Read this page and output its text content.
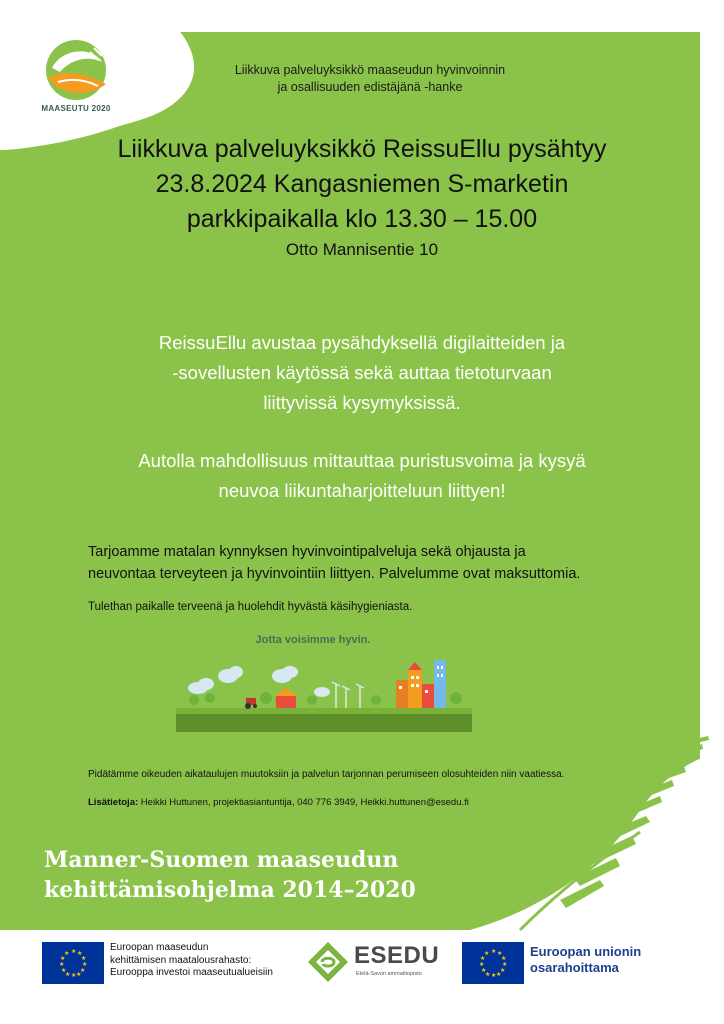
MAASEUTU 2020
Liikkuva palveluyksikkö maaseudun hyvinvoinnin
ja osallisuuden edistäjänä -hanke
Liikkuva palveluyksikkö ReissuEllu pysähtyy
23.8.2024 Kangasniemen S-marketin
parkkipaikalla klo 13.30 – 15.00
Otto Mannisentie 10
ReissuEllu avustaa pysähdyksellä digilaitteiden ja
-sovellusten käytössä sekä auttaa tietoturvaan
liittyvissä kysymyksissä.
Autolla mahdollisuus mittauttaa puristusvoima ja kysyä
neuvoa liikuntaharjoitteluun liittyen!
Tarjoamme matalan kynnyksen hyvinvointipalveluja sekä ohjausta ja
neuvontaa terveyteen ja hyvinvointiin liittyen. Palvelumme ovat maksuttomia.
Tulethan paikalle terveenä ja huolehdit hyvästä käsihygieniasta.
Jotta voisimme hyvin.
Pidätämme oikeuden aikataulujen muutoksiin ja palvelun tarjonnan perumiseen olosuhteiden niin vaatiessa.
Lisätietoja: Heikki Huttunen, projektiasiantuntija, 040 776 3949, Heikki.huttunen@esedu.fi
Manner-Suomen maaseudun
kehittämisohjelma 2014–2020
★ ★
★
★
★
★
★
★
★
★
★
★
Euroopan maaseudun
kehittämisen maatalousrahasto:
Eurooppa investoi maaseutualueisiin
ESEDU
Etelä-Savon ammattiopisto
★ ★
★
★
★
★
★
★
★
★
★
★	Euroopan unionin
osarahoittama
